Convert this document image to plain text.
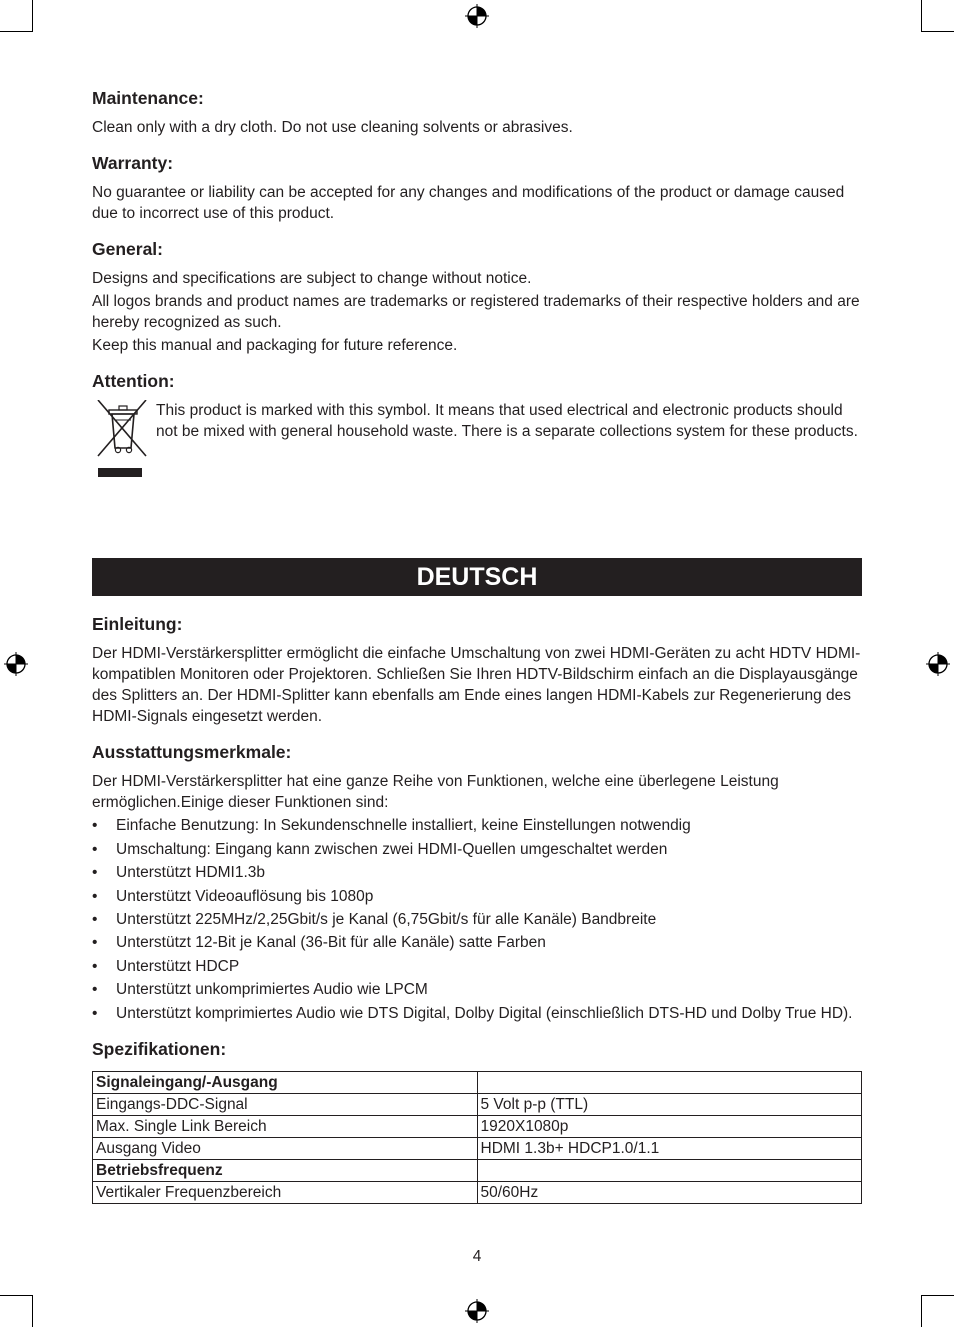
Maintenance:

Clean only with a dry cloth. Do not use cleaning solvents or abrasives.

Warranty:

No guarantee or liability can be accepted for any changes and modifications of the product or damage caused due to incorrect use of this product.

General:

Designs and specifications are subject to change without notice.

All logos brands and product names are trademarks or registered trademarks of their respective holders and are hereby recognized as such.

Keep this manual and packaging for future reference.

Attention:

This product is marked with this symbol. It means that used electrical and electronic products should not be mixed with general household waste. There is a separate collections system for these products.

DEUTSCH
Einleitung:

Der HDMI-Verstärkersplitter ermöglicht die einfache Umschaltung von zwei HDMI-Geräten zu acht HDTV HDMI-kompatiblen Monitoren oder Projektoren. Schließen Sie Ihren HDTV-Bildschirm einfach an die Displayausgänge des Splitters an. Der HDMI-Splitter kann ebenfalls am Ende eines langen HDMI-Kabels zur Regenerierung des HDMI-Signals eingesetzt werden.

Ausstattungsmerkmale:

Der HDMI-Verstärkersplitter hat eine ganze Reihe von Funktionen, welche eine überlegene Leistung ermöglichen.Einige dieser Funktionen sind:

• Einfache Benutzung: In Sekundenschnelle installiert, keine Einstellungen notwendig
• Umschaltung: Eingang kann zwischen zwei HDMI-Quellen umgeschaltet werden
• Unterstützt HDMI1.3b
• Unterstützt Videoauflösung bis 1080p
• Unterstützt 225MHz/2,25Gbit/s je Kanal (6,75Gbit/s für alle Kanäle) Bandbreite
• Unterstützt 12-Bit je Kanal (36-Bit für alle Kanäle) satte Farben
• Unterstützt HDCP
• Unterstützt unkomprimiertes Audio wie LPCM
• Unterstützt komprimiertes Audio wie DTS Digital, Dolby Digital (einschließlich DTS-HD und Dolby True HD).
Spezifikationen:
Signaleingang/-Ausgang	
Eingangs-DDC-Signal	5 Volt p-p (TTL)
Max. Single Link Bereich	1920X1080p
Ausgang Video	HDMI 1.3b+ HDCP1.0/1.1
Betriebsfrequenz	
Vertikaler Frequenzbereich	50/60Hz
4
